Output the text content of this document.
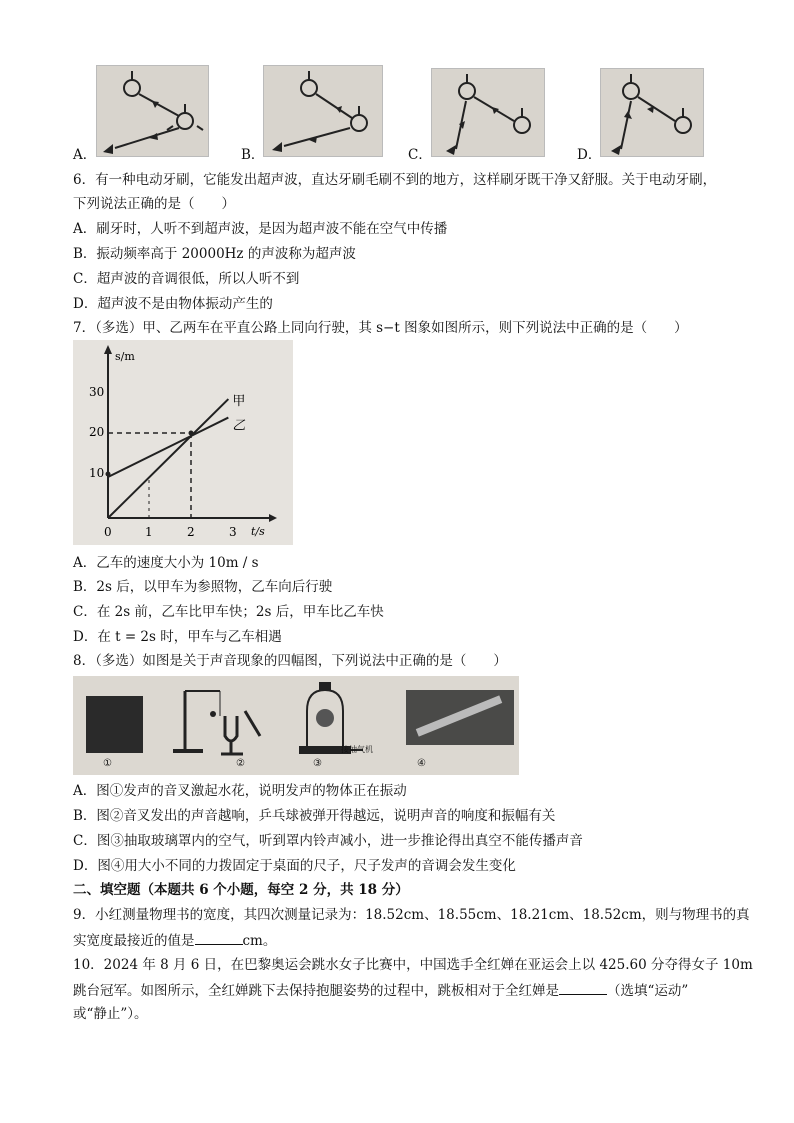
A．	B．	C．	D．
6．有一种电动牙刷，它能发出超声波，直达牙刷毛刷不到的地方，这样刷牙既干净又舒服。关于电动牙刷，
下列说法正确的是（　　）
A．刷牙时，人听不到超声波，是因为超声波不能在空气中传播
B．振动频率高于 20000Hz 的声波称为超声波
C．超声波的音调很低，所以人听不到
D．超声波不是由物体振动产生的
7．（多选）甲、乙两车在平直公路上同向行驶，其 s−t 图象如图所示，则下列说法中正确的是（　　）
s/m
t/s
10
20
30
0	1	2	3
甲
乙
A．乙车的速度大小为 10m / s
B．2s 后，以甲车为参照物，乙车向后行驶
C．在 2s 前，乙车比甲车快；2s 后，甲车比乙车快
D．在 t = 2s 时，甲车与乙车相遇
8．（多选）如图是关于声音现象的四幅图，下列说法中正确的是（　　）
①	②
接抽气机
③	④
A．图①发声的音叉激起水花，说明发声的物体正在振动
B．图②音叉发出的声音越响，乒乓球被弹开得越远，说明声音的响度和振幅有关
C．图③抽取玻璃罩内的空气，听到罩内铃声减小，进一步推论得出真空不能传播声音
D．图④用大小不同的力拨固定于桌面的尺子，尺子发声的音调会发生变化
二、填空题（本题共 6 个小题，每空 2 分，共 18 分）
9．小红测量物理书的宽度，其四次测量记录为：18.52cm、18.55cm、18.21cm、18.52cm，则与物理书的真
实宽度最接近的值是	cm。
10．2024 年 8 月 6 日，在巴黎奥运会跳水女子比赛中，中国选手全红婵在亚运会上以 425.60 分夺得女子 10m
跳台冠军。如图所示，全红婵跳下去保持抱腿姿势的过程中，跳板相对于全红婵是	（选填“运动”
或“静止”）。
